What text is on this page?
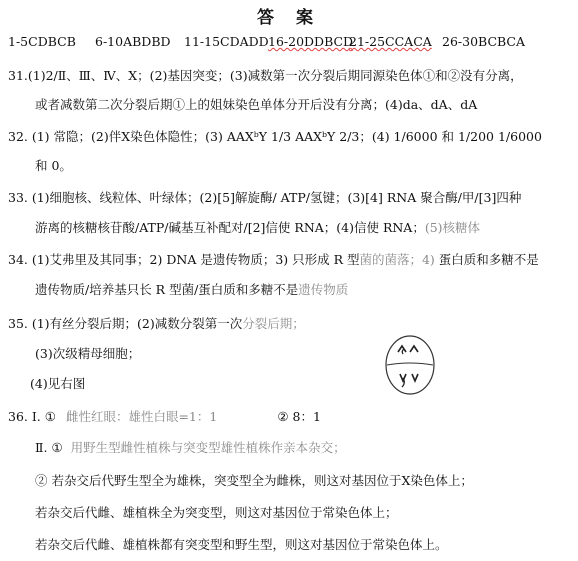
答 案
1-5CDBCB 6-10ABDBD 11-15CDADD 16-20DDBCD
21-25CCACA 26-30BCBCA
31.(1)2/Ⅱ、Ⅲ、Ⅳ、X；(2)基因突变；(3)减数第一次分裂后期同源染色体①和②没有分离，
或者减数第二次分裂后期①上的姐妹染色单体分开后没有分离；(4)da、dA、dA
32. (1) 常隐；(2)伴X染色体隐性；(3) AAXᵇY 1/3 AAXᵇY 2/3；(4) 1/6000 和 1/200 1/6000
和 0。
33. (1)细胞核、线粒体、叶绿体；(2)[5]解旋酶/ ATP/氢键；(3)[4] RNA 聚合酶/甲/[3]四种
游离的核糖核苷酸/ATP/碱基互补配对/[2]信使 RNA；(4)信使 RNA；(5)核糖体
34. (1)艾弗里及其同事；2) DNA 是遗传物质；3) 只形成 R 型菌的菌落；4) 蛋白质和多糖不是
遗传物质/培养基只长 R 型菌/蛋白质和多糖不是遗传物质
35. (1)有丝分裂后期；(2)减数分裂第一次分裂后期；
(3)次级精母细胞；
(4)见右图
36. Ⅰ. ① 雌性红眼：雄性白眼=1：1	② 8：1
Ⅱ. ① 用野生型雌性植株与突变型雄性植株作亲本杂交；
② 若杂交后代野生型全为雄株，突变型全为雌株，则这对基因位于X染色体上；
若杂交后代雌、雄植株全为突变型，则这对基因位于常染色体上；
若杂交后代雌、雄植株都有突变型和野生型，则这对基因位于常染色体上。
